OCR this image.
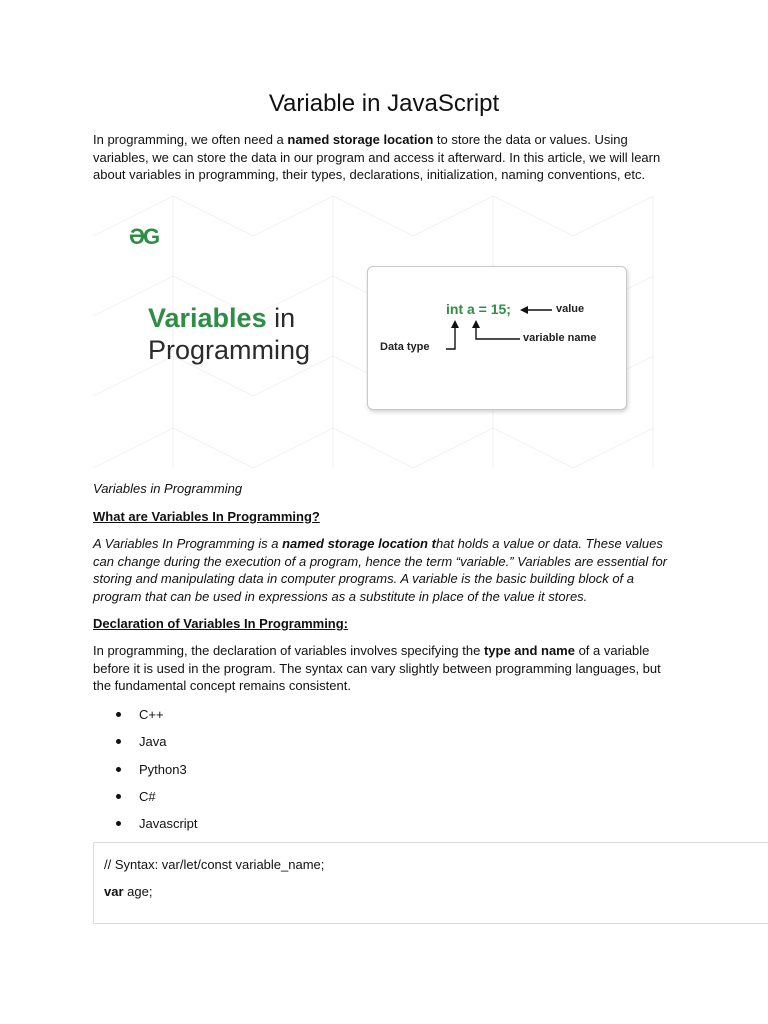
Variable in JavaScript
In programming, we often need a named storage location to store the data or values. Using variables, we can store the data in our program and access it afterward. In this article, we will learn about variables in programming, their types, declarations, initialization, naming conventions, etc.
ƏG
Variables in
Programming
int a = 15;	value
variable name
Data type
Variables in Programming
What are Variables In Programming?
A Variables In Programming is a named storage location that holds a value or data. These values can change during the execution of a program, hence the term “variable.” Variables are essential for storing and manipulating data in computer programs. A variable is the basic building block of a program that can be used in expressions as a substitute in place of the value it stores.
Declaration of Variables In Programming:
In programming, the declaration of variables involves specifying the type and name of a variable before it is used in the program. The syntax can vary slightly between programming languages, but the fundamental concept remains consistent.
C++
Java
Python3
C#
Javascript
// Syntax: var/let/const variable_name;
var age;
